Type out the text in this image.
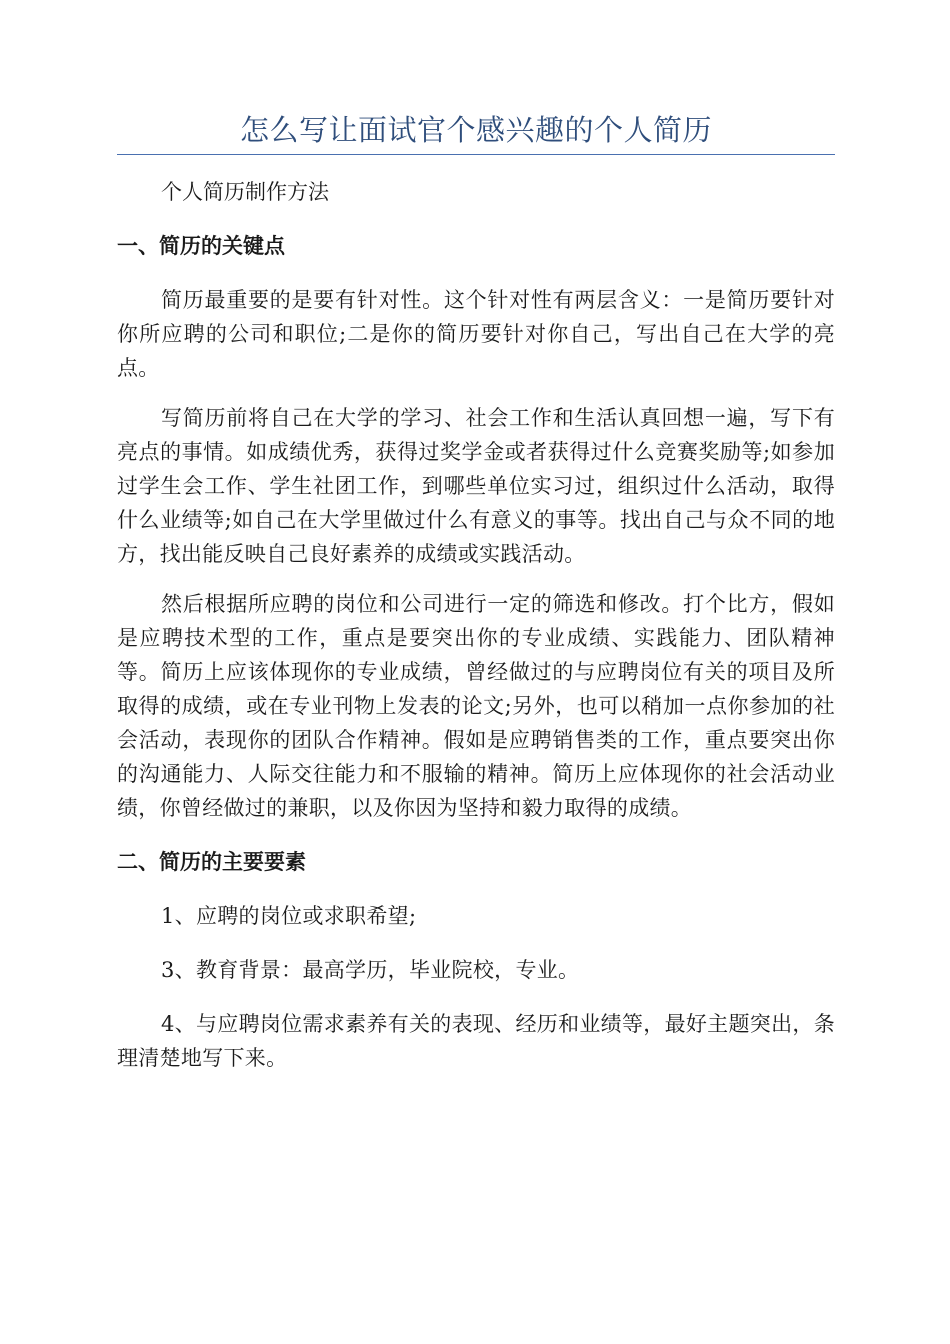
怎么写让面试官个感兴趣的个人简历

个人简历制作方法

一、简历的关键点

简历最重要的是要有针对性。这个针对性有两层含义：一是简历要针对你所应聘的公司和职位;二是你的简历要针对你自己，写出自己在大学的亮点。

写简历前将自己在大学的学习、社会工作和生活认真回想一遍，写下有亮点的事情。如成绩优秀，获得过奖学金或者获得过什么竞赛奖励等;如参加过学生会工作、学生社团工作，到哪些单位实习过，组织过什么活动，取得什么业绩等;如自己在大学里做过什么有意义的事等。找出自己与众不同的地方，找出能反映自己良好素养的成绩或实践活动。

然后根据所应聘的岗位和公司进行一定的筛选和修改。打个比方，假如是应聘技术型的工作，重点是要突出你的专业成绩、实践能力、团队精神等。简历上应该体现你的专业成绩，曾经做过的与应聘岗位有关的项目及所取得的成绩，或在专业刊物上发表的论文;另外，也可以稍加一点你参加的社会活动，表现你的团队合作精神。假如是应聘销售类的工作，重点要突出你的沟通能力、人际交往能力和不服输的精神。简历上应体现你的社会活动业绩，你曾经做过的兼职，以及你因为坚持和毅力取得的成绩。

二、简历的主要要素

1、应聘的岗位或求职希望;

3、教育背景：最高学历，毕业院校，专业。

4、与应聘岗位需求素养有关的表现、经历和业绩等，最好主题突出，条理清楚地写下来。
